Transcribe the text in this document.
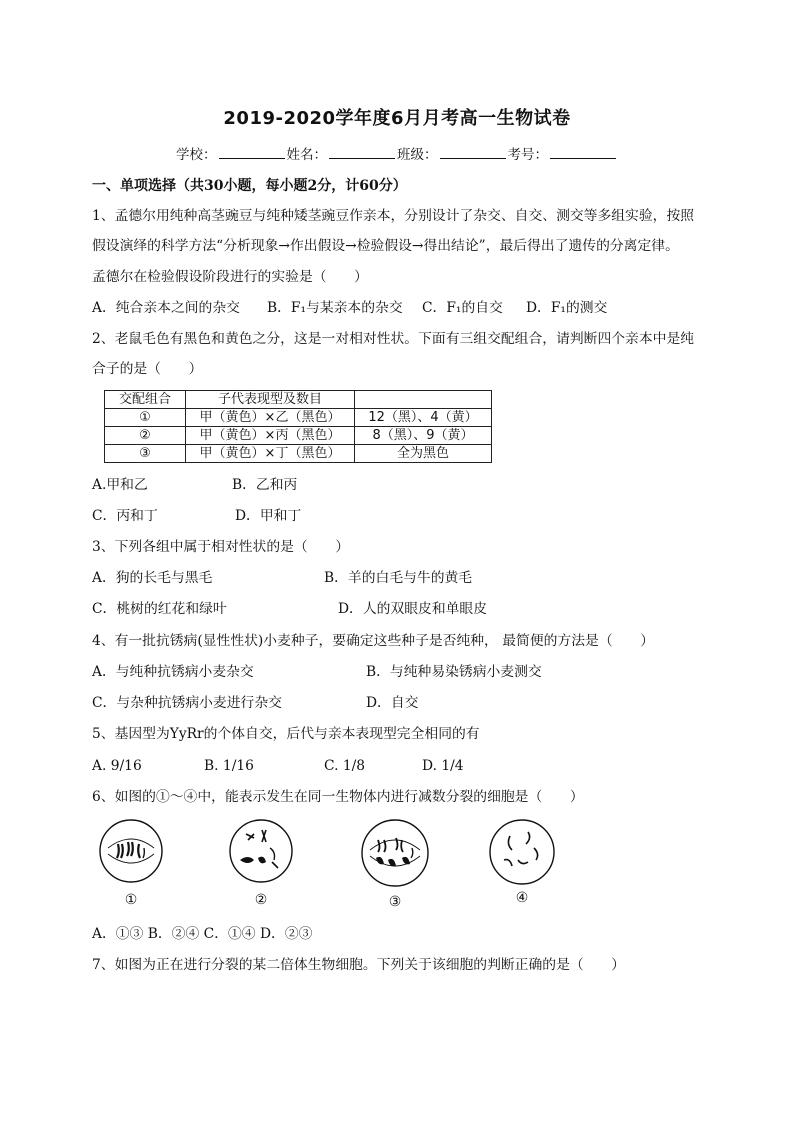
2019-2020学年度6月月考高一生物试卷
学校：	姓名：	班级：	考号：
一、单项选择（共30小题，每小题2分，计60分）
1、孟德尔用纯种高茎豌豆与纯种矮茎豌豆作亲本，分别设计了杂交、自交、测交等多组实验，按照
假设演绎的科学方法“分析现象→作出假设→检验假设→得出结论”，最后得出了遗传的分离定律。
孟德尔在检验假设阶段进行的实验是（　　）
A．纯合亲本之间的杂交 B．F₁与某亲本的杂交 C．F₁的自交 D．F₁的测交
2、老鼠毛色有黑色和黄色之分，这是一对相对性状。下面有三组交配组合，请判断四个亲本中是纯
合子的是（　　）
交配组合	子代表现型及数目	
①	甲（黄色）×乙（黑色）	12（黑）、4（黄）
②	甲（黄色）×丙（黑色）	8（黑）、9（黄）
③	甲（黄色）×丁（黑色）	全为黑色
A.甲和乙	B．乙和丙
C．丙和丁	D．甲和丁
3、下列各组中属于相对性状的是（　　）
A．狗的长毛与黑毛	B．羊的白毛与牛的黄毛
C．桃树的红花和绿叶	D．人的双眼皮和单眼皮
4、有一批抗锈病(显性性状)小麦种子，要确定这些种子是否纯种， 最简便的方法是（　　）
A．与纯种抗锈病小麦杂交	B．与纯种易染锈病小麦测交
C．与杂种抗锈病小麦进行杂交	D．自交
5、基因型为YyRr的个体自交，后代与亲本表现型完全相同的有
A. 9/16	B. 1/16	C. 1/8	D. 1/4
6、如图的①～④中，能表示发生在同一生物体内进行减数分裂的细胞是（　　）
①	②	③	④
A．①③ B．②④ C．①④ D．②③
7、如图为正在进行分裂的某二倍体生物细胞。下列关于该细胞的判断正确的是（　　）
